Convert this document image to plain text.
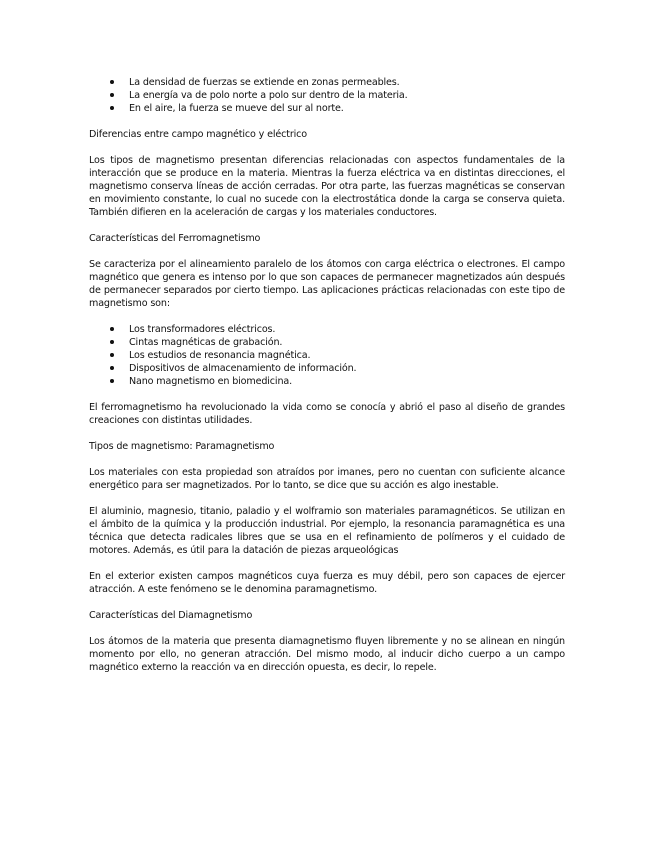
La densidad de fuerzas se extiende en zonas permeables.
La energía va de polo norte a polo sur dentro de la materia.
En el aire, la fuerza se mueve del sur al norte.
Diferencias entre campo magnético y eléctrico

Los tipos de magnetismo presentan diferencias relacionadas con aspectos fundamentales de la interacción que se produce en la materia. Mientras la fuerza eléctrica va en distintas direcciones, el magnetismo conserva líneas de acción cerradas. Por otra parte, las fuerzas magnéticas se conservan en movimiento constante, lo cual no sucede con la electrostática donde la carga se conserva quieta. También difieren en la aceleración de cargas y los materiales conductores.

Características del Ferromagnetismo

Se caracteriza por el alineamiento paralelo de los átomos con carga eléctrica o electrones. El campo magnético que genera es intenso por lo que son capaces de permanecer magnetizados aún después de permanecer separados por cierto tiempo. Las aplicaciones prácticas relacionadas con este tipo de magnetismo son:

Los transformadores eléctricos.
Cintas magnéticas de grabación.
Los estudios de resonancia magnética.
Dispositivos de almacenamiento de información.
Nano magnetismo en biomedicina.

El ferromagnetismo ha revolucionado la vida como se conocía y abrió el paso al diseño de grandes creaciones con distintas utilidades.

Tipos de magnetismo: Paramagnetismo

Los materiales con esta propiedad son atraídos por imanes, pero no cuentan con suficiente alcance energético para ser magnetizados. Por lo tanto, se dice que su acción es algo inestable.

El aluminio, magnesio, titanio, paladio y el wolframio son materiales paramagnéticos. Se utilizan en el ámbito de la química y la producción industrial. Por ejemplo, la resonancia paramagnética es una técnica que detecta radicales libres que se usa en el refinamiento de polímeros y el cuidado de motores. Además, es útil para la datación de piezas arqueológicas

En el exterior existen campos magnéticos cuya fuerza es muy débil, pero son capaces de ejercer atracción. A este fenómeno se le denomina paramagnetismo.

Características del Diamagnetismo

Los átomos de la materia que presenta diamagnetismo fluyen libremente y no se alinean en ningún momento por ello, no generan atracción. Del mismo modo, al inducir dicho cuerpo a un campo magnético externo la reacción va en dirección opuesta, es decir, lo repele.
